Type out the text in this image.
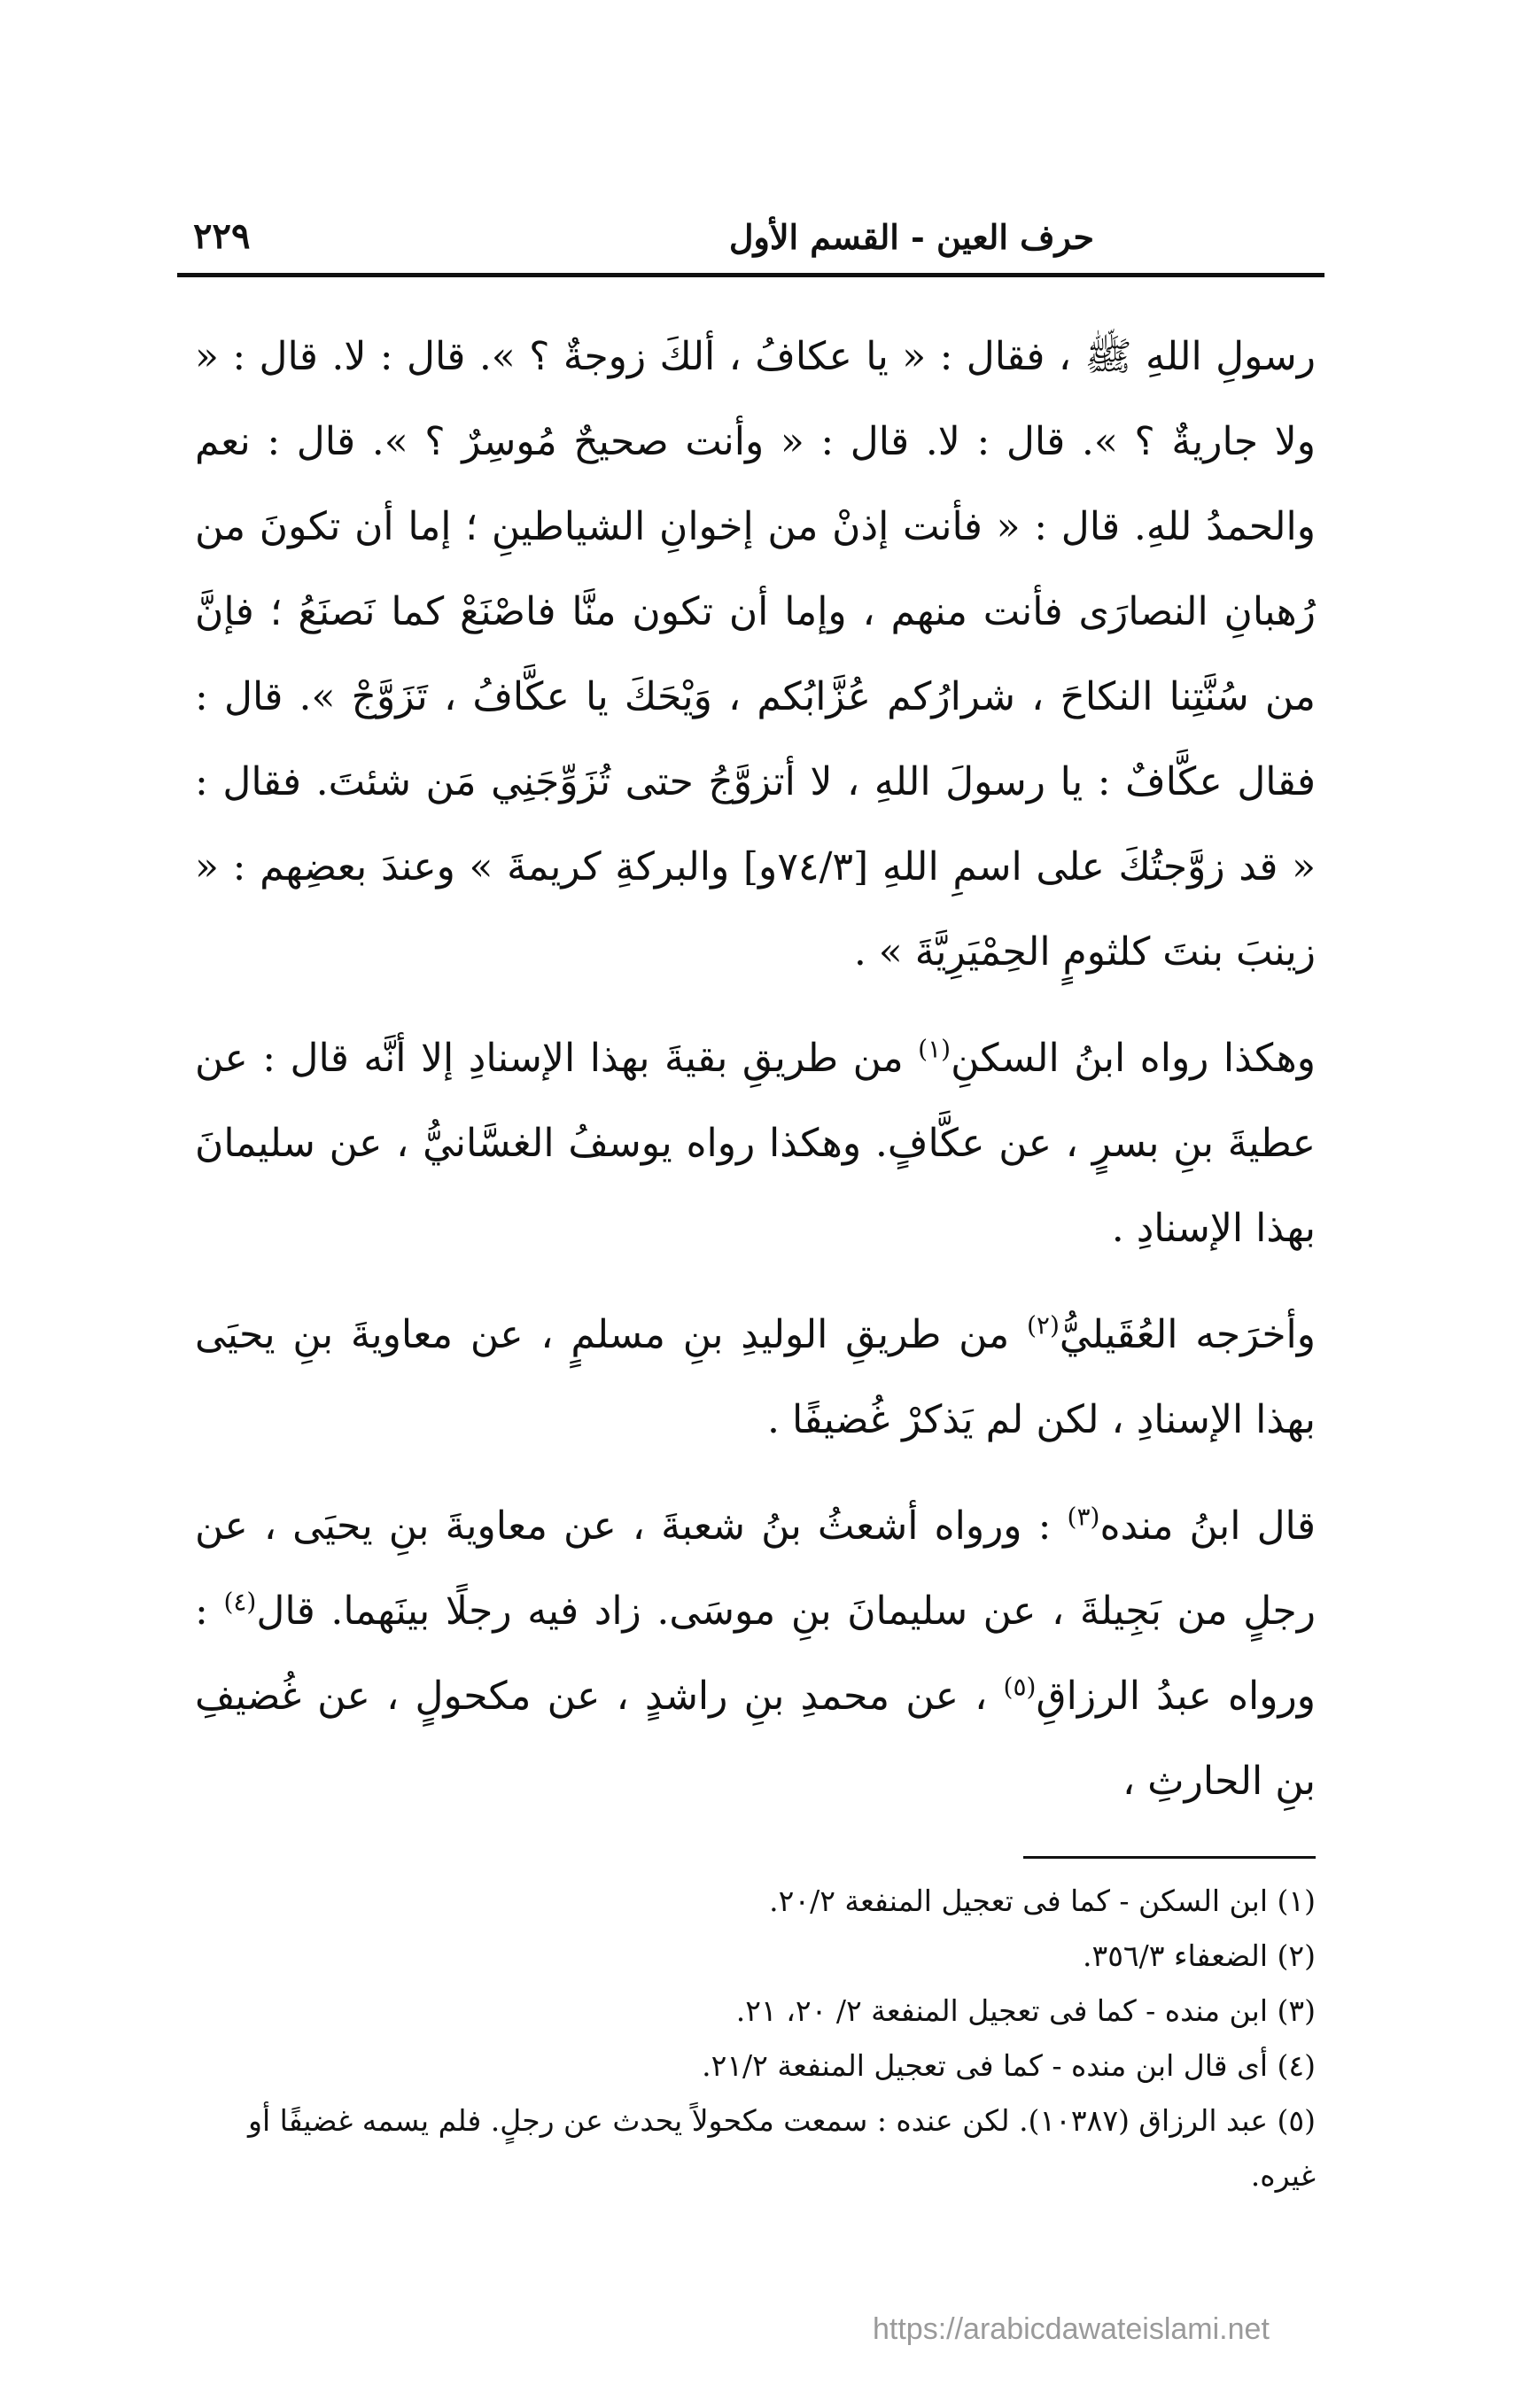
حرف العين - القسم الأول
٢٢٩

رسولِ اللهِ ﷺ ، فقال : « يا عكافُ ، ألكَ زوجةٌ ؟ ». قال : لا. قال : « ولا جاريةٌ ؟ ». قال : لا. قال : « وأنت صحيحٌ مُوسِرٌ ؟ ». قال : نعم والحمدُ للهِ. قال : « فأنت إذنْ من إخوانِ الشياطينِ ؛ إما أن تكونَ من رُهبانِ النصارَى فأنت منهم ، وإما أن تكون منَّا فاصْنَعْ كما نَصنَعُ ؛ فإنَّ من سُنَّتِنا النكاحَ ، شرارُكم عُزَّابُكم ، وَيْحَكَ يا عكَّافُ ، تَزَوَّجْ ». قال : فقال عكَّافٌ : يا رسولَ اللهِ ، لا أتزوَّجُ حتى تُزَوِّجَنِي مَن شئتَ. فقال : « قد زوَّجتُكَ على اسمِ اللهِ [٧٤/٣و] والبركةِ كريمةَ » وعندَ بعضِهم : « زينبَ بنتَ كلثومٍ الحِمْيَرِيَّةَ » .

وهكذا رواه ابنُ السكنِ$^{(١)}$ من طريقِ بقيةَ بهذا الإسنادِ إلا أنَّه قال : عن عطيةَ بنِ بسرٍ ، عن عكَّافٍ. وهكذا رواه يوسفُ الغسَّانيُّ ، عن سليمانَ بهذا الإسنادِ .

وأخرَجه العُقَيليُّ$^{(٢)}$ من طريقِ الوليدِ بنِ مسلمٍ ، عن معاويةَ بنِ يحيَى بهذا الإسنادِ ، لكن لم يَذكرْ غُضيفًا .

قال ابنُ منده$^{(٣)}$ : ورواه أشعثُ بنُ شعبةَ ، عن معاويةَ بنِ يحيَى ، عن رجلٍ من بَجِيلةَ ، عن سليمانَ بنِ موسَى. زاد فيه رجلًا بينَهما. قال$^{(٤)}$ : ورواه عبدُ الرزاقِ$^{(٥)}$ ، عن محمدِ بنِ راشدٍ ، عن مكحولٍ ، عن غُضيفِ بنِ الحارثِ ،

(١) ابن السكن - كما فى تعجيل المنفعة ٢٠/٢.

(٢) الضعفاء ٣٥٦/٣.

(٣) ابن منده - كما فى تعجيل المنفعة ٢/ ٢٠، ٢١.

(٤) أى قال ابن منده - كما فى تعجيل المنفعة ٢١/٢.

(٥) عبد الرزاق (١٠٣٨٧). لكن عنده : سمعت مكحولاً يحدث عن رجلٍ. فلم يسمه غضيفًا أو غيره.

https://arabicdawateislami.net
